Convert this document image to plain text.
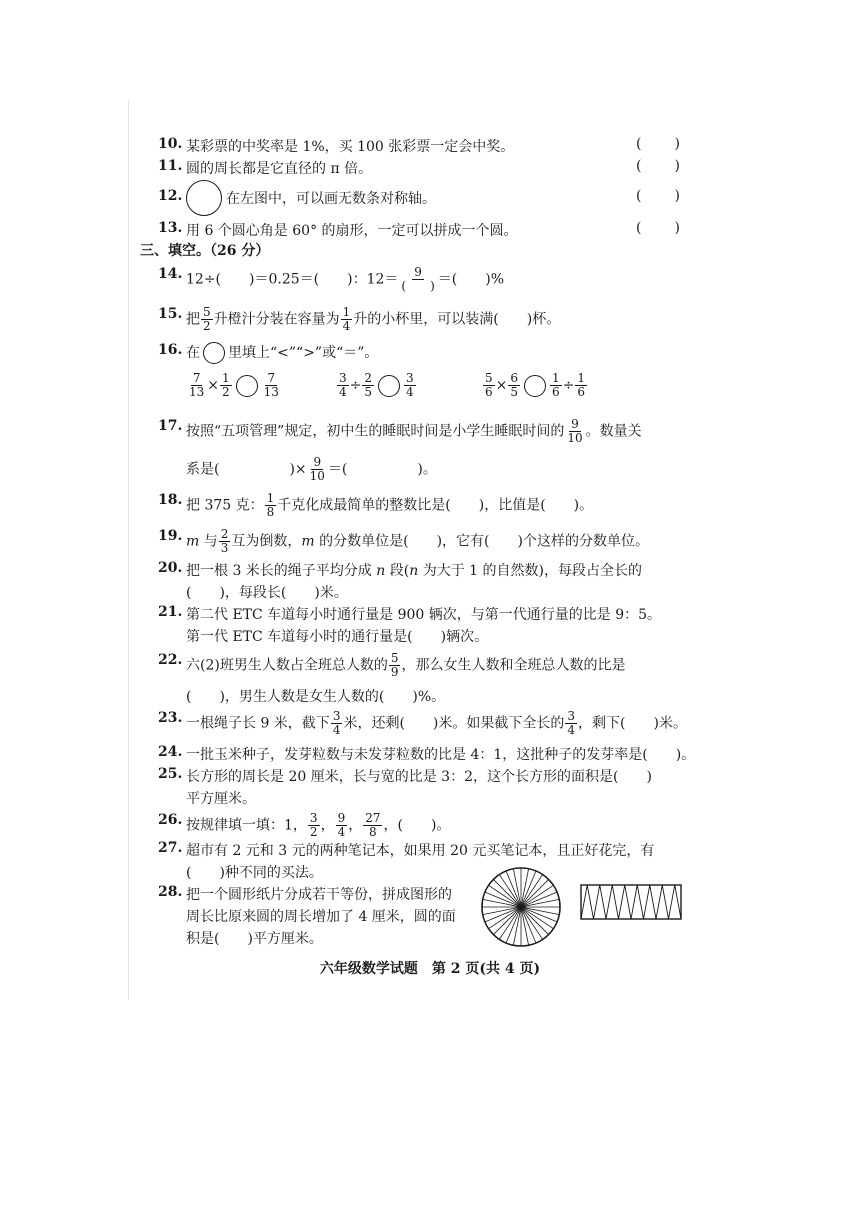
10. 某彩票的中奖率是 1%，买 100 张彩票一定会中奖。	( )
11. 圆的周长都是它直径的 π 倍。	( )
12.	在左图中，可以画无数条对称轴。	( )
13. 用 6 个圆心角是 60° 的扇形，一定可以拼成一个圆。	( )
三、填空。（26 分）
14. 12÷(　　)＝0.25＝(　　)：$12= \frac{9}{( )}$ ＝(　　)%
15. 把 $\frac{5}{2}$ 升橙汁分装在容量为 $\frac{1}{4}$ 升的小杯里，可以装满(　　)杯。
16. 在 里填上“<”“>”或“＝”。
$\frac{7}{13} \times \frac{1}{2}$	$\frac{7}{13}$	$\frac{3}{4} \div \frac{2}{5}$	$\frac{3}{4}$	$\frac{5}{6} \times \frac{6}{5}$	$\frac{1}{6} \div \frac{1}{6}$
17. 按照“五项管理”规定，初中生的睡眠时间是小学生睡眠时间的 $\frac{9}{10}$ 。数量关
系是(　　　　　)× $\frac{9}{10}$ ＝(　　　　　)。
18. 把 375 克： $\frac{1}{8}$ 千克化成最简单的整数比是(　　)，比值是(　　)。
19. m 与 $\frac{2}{3}$ 互为倒数，m 的分数单位是(　　)，它有(　　)个这样的分数单位。
20. 把一根 3 米长的绳子平均分成 n 段(n 为大于 1 的自然数)，每段占全长的
(　　)，每段长(　　)米。
21. 第二代 ETC 车道每小时通行量是 900 辆次，与第一代通行量的比是 9：5。
第一代 ETC 车道每小时的通行量是(　　)辆次。
22. 六(2)班男生人数占全班总人数的 $\frac{5}{9}$ ，那么女生人数和全班总人数的比是
(　　)，男生人数是女生人数的(　　)%。
23. 一根绳子长 9 米，截下 $\frac{3}{4}$ 米，还剩(　　)米。如果截下全长的 $\frac{3}{4}$ ，剩下(　　)米。
24. 一批玉米种子，发芽粒数与未发芽粒数的比是 4：1，这批种子的发芽率是(　　)。
25. 长方形的周长是 20 厘米，长与宽的比是 3：2，这个长方形的面积是(　　)
平方厘米。
26. 按规律填一填：1， $\frac{3}{2}$ ， $\frac{9}{4}$ ， $\frac{27}{8}$ ，(　　)。
27. 超市有 2 元和 3 元的两种笔记本，如果用 20 元买笔记本，且正好花完，有
(　　)种不同的买法。
28. 把一个圆形纸片分成若干等份，拼成图形的
周长比原来圆的周长增加了 4 厘米，圆的面
积是(　　)平方厘米。
六年级数学试题　第 2 页(共 4 页)
